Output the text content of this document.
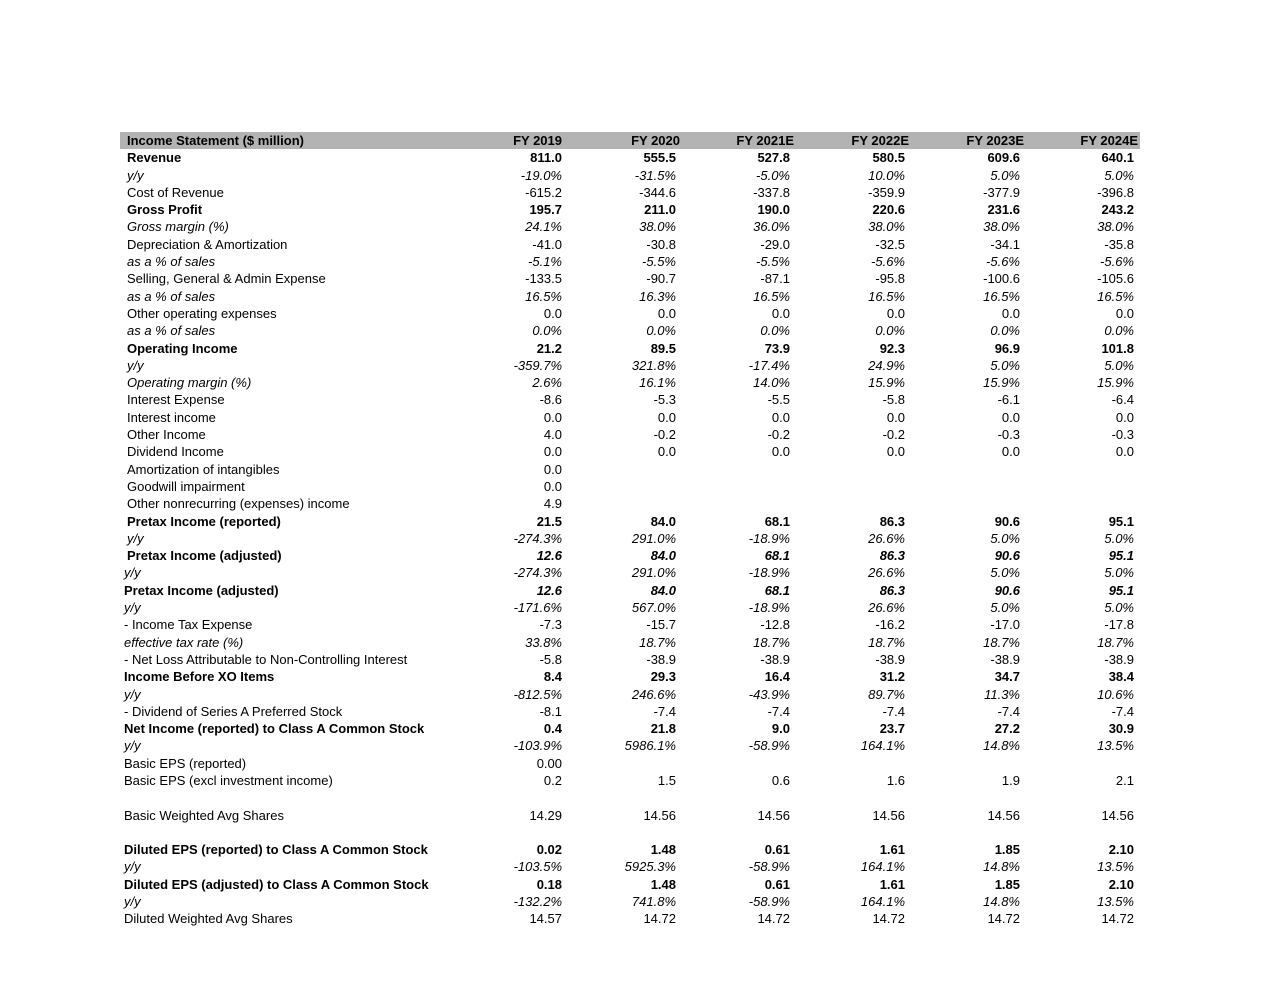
Income Statement ($ million)	FY 2019	FY 2020	FY 2021E	FY 2022E	FY 2023E	FY 2024E
Revenue	811.0	555.5	527.8	580.5	609.6	640.1
y/y	-19.0%	-31.5%	-5.0%	10.0%	5.0%	5.0%
Cost of Revenue	-615.2	-344.6	-337.8	-359.9	-377.9	-396.8
Gross Profit	195.7	211.0	190.0	220.6	231.6	243.2
Gross margin (%)	24.1%	38.0%	36.0%	38.0%	38.0%	38.0%
Depreciation & Amortization	-41.0	-30.8	-29.0	-32.5	-34.1	-35.8
as a % of sales	-5.1%	-5.5%	-5.5%	-5.6%	-5.6%	-5.6%
Selling, General & Admin Expense	-133.5	-90.7	-87.1	-95.8	-100.6	-105.6
as a % of sales	16.5%	16.3%	16.5%	16.5%	16.5%	16.5%
Other operating expenses	0.0	0.0	0.0	0.0	0.0	0.0
as a % of sales	0.0%	0.0%	0.0%	0.0%	0.0%	0.0%
Operating Income	21.2	89.5	73.9	92.3	96.9	101.8
y/y	-359.7%	321.8%	-17.4%	24.9%	5.0%	5.0%
Operating margin (%)	2.6%	16.1%	14.0%	15.9%	15.9%	15.9%
Interest Expense	-8.6	-5.3	-5.5	-5.8	-6.1	-6.4
Interest income	0.0	0.0	0.0	0.0	0.0	0.0
Other Income	4.0	-0.2	-0.2	-0.2	-0.3	-0.3
Dividend Income	0.0	0.0	0.0	0.0	0.0	0.0
Amortization of intangibles	0.0
Goodwill impairment	0.0
Other nonrecurring (expenses) income	4.9
Pretax Income (reported)	21.5	84.0	68.1	86.3	90.6	95.1
y/y	-274.3%	291.0%	-18.9%	26.6%	5.0%	5.0%
Pretax Income (adjusted)	12.6	84.0	68.1	86.3	90.6	95.1
y/y	-274.3%	291.0%	-18.9%	26.6%	5.0%	5.0%
Pretax Income (adjusted)	12.6	84.0	68.1	86.3	90.6	95.1
y/y	-171.6%	567.0%	-18.9%	26.6%	5.0%	5.0%
- Income Tax Expense	-7.3	-15.7	-12.8	-16.2	-17.0	-17.8
effective tax rate (%)	33.8%	18.7%	18.7%	18.7%	18.7%	18.7%
- Net Loss Attributable to Non-Controlling Interest	-5.8	-38.9	-38.9	-38.9	-38.9	-38.9
Income Before XO Items	8.4	29.3	16.4	31.2	34.7	38.4
y/y	-812.5%	246.6%	-43.9%	89.7%	11.3%	10.6%
- Dividend of Series A Preferred Stock	-8.1	-7.4	-7.4	-7.4	-7.4	-7.4
Net Income (reported) to Class A Common Stock	0.4	21.8	9.0	23.7	27.2	30.9
y/y	-103.9%	5986.1%	-58.9%	164.1%	14.8%	13.5%
Basic EPS (reported)	0.00
Basic EPS (excl investment income)	0.2	1.5	0.6	1.6	1.9	2.1
Basic Weighted Avg Shares	14.29	14.56	14.56	14.56	14.56	14.56
Diluted EPS (reported) to Class A Common Stock	0.02	1.48	0.61	1.61	1.85	2.10
y/y	-103.5%	5925.3%	-58.9%	164.1%	14.8%	13.5%
Diluted EPS (adjusted) to Class A Common Stock	0.18	1.48	0.61	1.61	1.85	2.10
y/y	-132.2%	741.8%	-58.9%	164.1%	14.8%	13.5%
Diluted Weighted Avg Shares	14.57	14.72	14.72	14.72	14.72	14.72
